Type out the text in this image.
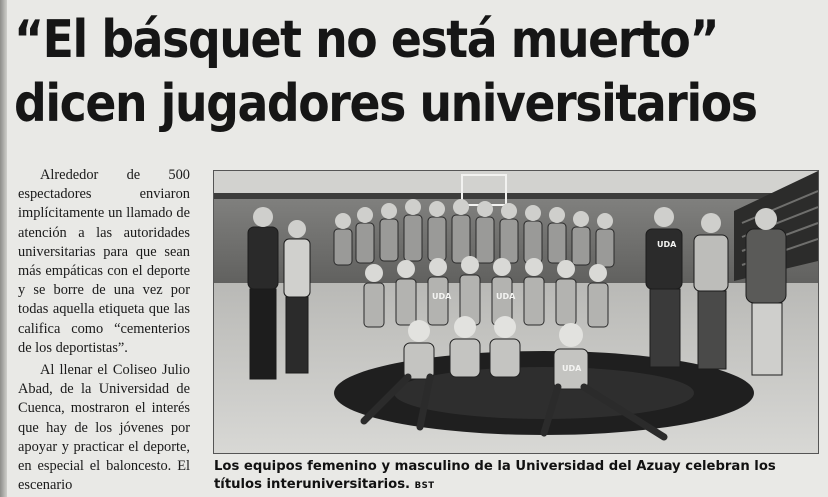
“El básquet no está muerto”
dicen jugadores universitarios

Alrededor de 500 espectadores enviaron implícitamente un llamado de atención a las autoridades universitarias para que sean más empáticas con el deporte y se borre de una vez por todas aquella etiqueta que las califica como “cementerios de los deportistas”.

Al llenar el Coliseo Julio Abad, de la Universidad de Cuenca, mostraron el interés que hay de los jóvenes por apoyar y practicar el deporte, en especial el baloncesto. El escenario

UDA	UDA
UDA
UDA
Los equipos femenino y masculino de la Universidad del Azuay celebran los títulos interuniversitarios. BST
